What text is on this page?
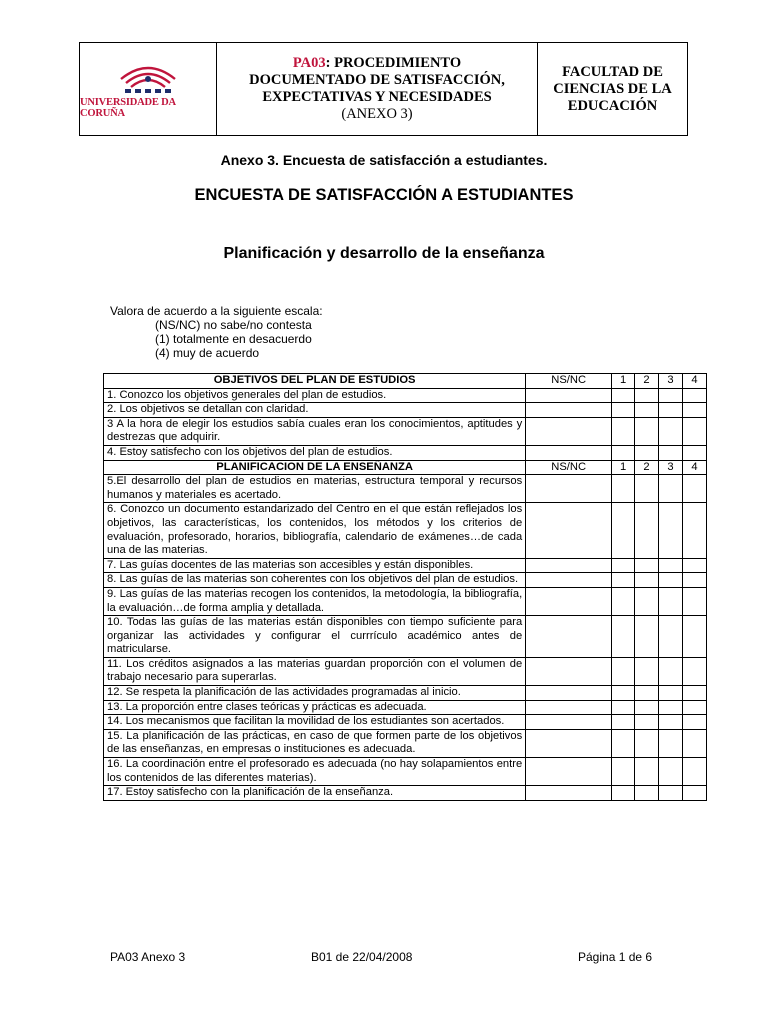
UNIVERSIDADE DA CORUÑA
PA03: PROCEDIMIENTO
DOCUMENTADO DE SATISFACCIÓN,
EXPECTATIVAS Y NECESIDADES
(ANEXO 3)
FACULTAD DE CIENCIAS DE LA EDUCACIÓN
Anexo 3. Encuesta de satisfacción a estudiantes.
ENCUESTA DE SATISFACCIÓN A ESTUDIANTES
Planificación y desarrollo de la enseñanza
Valora de acuerdo a la siguiente escala:
(NS/NC) no sabe/no contesta
(1) totalmente en desacuerdo
(4) muy de acuerdo
OBJETIVOS DEL PLAN DE ESTUDIOS	NS/NC	1	2	3	4
1. Conozco los objetivos generales del plan de estudios.					
2. Los objetivos se detallan con claridad.					
3 A la hora de elegir los estudios sabía cuales eran los conocimientos, aptitudes y destrezas que adquirir.					
4. Estoy satisfecho con los objetivos del plan de estudios.					
PLANIFICACION DE LA ENSEÑANZA	NS/NC	1	2	3	4
5.El desarrollo del plan de estudios en materias, estructura temporal y recursos humanos y materiales es acertado.					
6. Conozco un documento estandarizado del Centro en el que están reflejados los objetivos, las características, los contenidos, los métodos y los criterios de evaluación, profesorado, horarios, bibliografía, calendario de exámenes…de cada una de las materias.					
7. Las guías docentes de las materias son accesibles y están disponibles.					
8. Las guías de las materias son coherentes con los objetivos del plan de estudios.					
9. Las guías de las materias recogen los contenidos, la metodología, la bibliografía, la evaluación…de forma amplia y detallada.					
10. Todas las guías de las materias están disponibles con tiempo suficiente para organizar las actividades y configurar el currrículo académico antes de matricularse.					
11. Los créditos asignados a las materias guardan proporción con el volumen de trabajo necesario para superarlas.					
12. Se respeta la planificación de las actividades programadas al inicio.					
13. La proporción entre clases teóricas y prácticas es adecuada.					
14. Los mecanismos que facilitan la movilidad de los estudiantes son acertados.					
15. La planificación de las prácticas, en caso de que formen parte de los objetivos de las enseñanzas, en empresas o instituciones es adecuada.					
16. La coordinación entre el profesorado es adecuada (no hay solapamientos entre los contenidos de las diferentes materias).					
17. Estoy satisfecho con la planificación de la enseñanza.					
PA03 Anexo 3	B01 de 22/04/2008	Página 1 de 6
